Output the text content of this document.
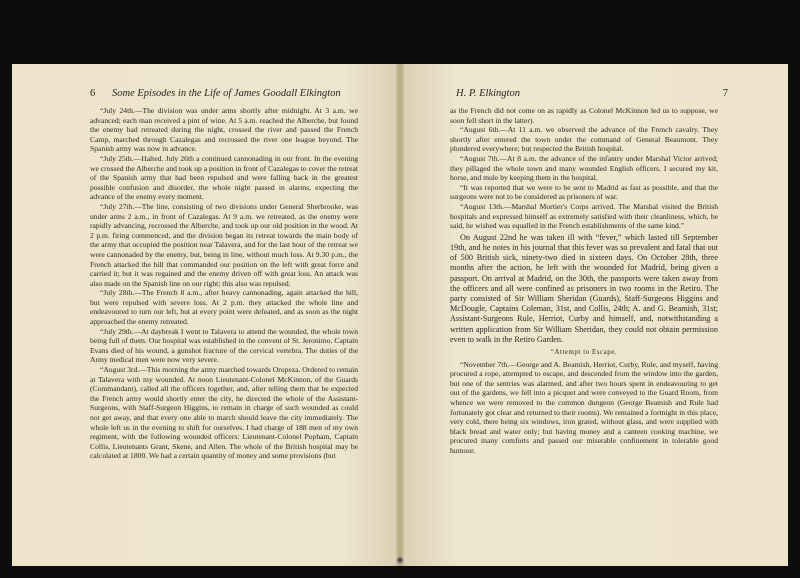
6 Some Episodes in the Life of James Goodall Elkington

“July 24th.—The division was under arms shortly after midnight. At 3 a.m. we advanced; each man received a pint of wine. At 5 a.m. reached the Alberche, but found the enemy had retreated during the night, crossed the river and passed the French Camp, marched through Cazalegas and recrossed the river one league beyond. The Spanish army was now in advance.

“July 25th.—Halted. July 26th a continued cannonading in our front. In the evening we crossed the Alberche and took up a position in front of Cazalegas to cover the retreat of the Spanish army that had been repulsed and were falling back in the greatest possible confusion and disorder, the whole night passed in alarms, expecting the advance of the enemy every moment.

“July 27th.—The line, consisting of two divisions under General Sherbrooke, was under arms 2 a.m., in front of Cazalegas. At 9 a.m. we retreated, as the enemy were rapidly advancing, recrossed the Alberche, and took up our old position in the wood. At 2 p.m. firing commenced, and the division began its retreat towards the main body of the army that occupied the position near Talavera, and for the last hour of the retreat we were cannonaded by the enemy, but, being in line, without much loss. At 9.30 p.m., the French attacked the hill that commanded our position on the left with great force and carried it; but it was regained and the enemy driven off with great loss. An attack was also made on the Spanish line on our right; this also was repulsed.

“July 28th.—The French 8 a.m., after heavy cannonading, again attacked the hill, but were repulsed with severe loss. At 2 p.m. they attacked the whole line and endeavoured to turn our left, but at every point were defeated, and as soon as the night approached the enemy retreated.

“July 29th.—At daybreak I went to Talavera to attend the wounded, the whole town being full of them. Our hospital was established in the convent of St. Jeronimo. Captain Evans died of his wound, a gunshot fracture of the cervical vertebra. The duties of the Army medical men were now very severe.

“August 3rd.—This morning the army marched towards Oropeza. Ordered to remain at Talavera with my wounded. At noon Lieutenant-Colonel McKinnon, of the Guards (Commandant), called all the officers together, and, after telling them that he expected the French army would shortly enter the city, he directed the whole of the Assistant-Surgeons, with Staff-Surgeon Higgins, to remain in charge of such wounded as could not get away, and that every one able to march should leave the city immediately. The whole left us in the evening to shift for ourselves. I had charge of 188 men of my own regiment, with the following wounded officers: Lieutenant-Colonel Popham, Captain Collis, Lieutenants Grant, Skene, and Allen. The whole of the British hospital may be calculated at 1800. We had a certain quantity of money and some provisions (but

H. P. Elkington	7

as the French did not come on as rapidly as Colonel McKinnon led us to suppose, we soon fell short in the latter).

“August 6th.—At 11 a.m. we observed the advance of the French cavalry. They shortly after entered the town under the command of General Beaumont. They plundered everywhere; but respected the British hospital.

“August 7th.—At 8 a.m. the advance of the infantry under Marshal Victor arrived; they pillaged the whole town and many wounded English officers. I secured my kit, horse, and mule by keeping them in the hospital.

“It was reported that we were to be sent to Madrid as fast as possible, and that the surgeons were not to be considered as prisoners of war.

“August 13th.—Marshal Mortier's Corps arrived. The Marshal visited the British hospitals and expressed himself as extremely satisfied with their cleanliness, which, he said, he wished was equalled in the French establishments of the same kind.”

On August 22nd he was taken ill with “fever,” which lasted till September 19th, and he notes in his journal that this fever was so prevalent and fatal that out of 500 British sick, ninety-two died in sixteen days. On October 28th, three months after the action, he left with the wounded for Madrid, being given a passport. On arrival at Madrid, on the 30th, the passports were taken away from the officers and all were confined as prisoners in two rooms in the Retiro. The party consisted of Sir William Sheridan (Guards), Staff-Surgeons Higgins and McDougle, Captains Coleman, 31st, and Collis, 24th; A. and G. Beamish, 31st; Assistant-Surgeons Rule, Herriot, Curby and himself, and, notwithstanding a written application from Sir William Sheridan, they could not obtain permission even to walk in the Retiro Garden.

“Attempt to Escape.

“November 7th.—George and A. Beamish, Herriot, Curby, Rule, and myself, having procured a rope, attempted to escape, and descended from the window into the garden, but one of the sentries was alarmed, and after two hours spent in endeavouring to get out of the gardens, we fell into a picquet and were conveyed to the Guard Room, from whence we were removed to the common dungeon (George Beamish and Rule had fortunately got clear and returned to their rooms). We remained a fortnight in this place, very cold, there being six windows, iron grated, without glass, and were supplied with black bread and water only; but having money and a canteen cooking machine, we procured many comforts and passed our miserable confinement in tolerable good humour.
